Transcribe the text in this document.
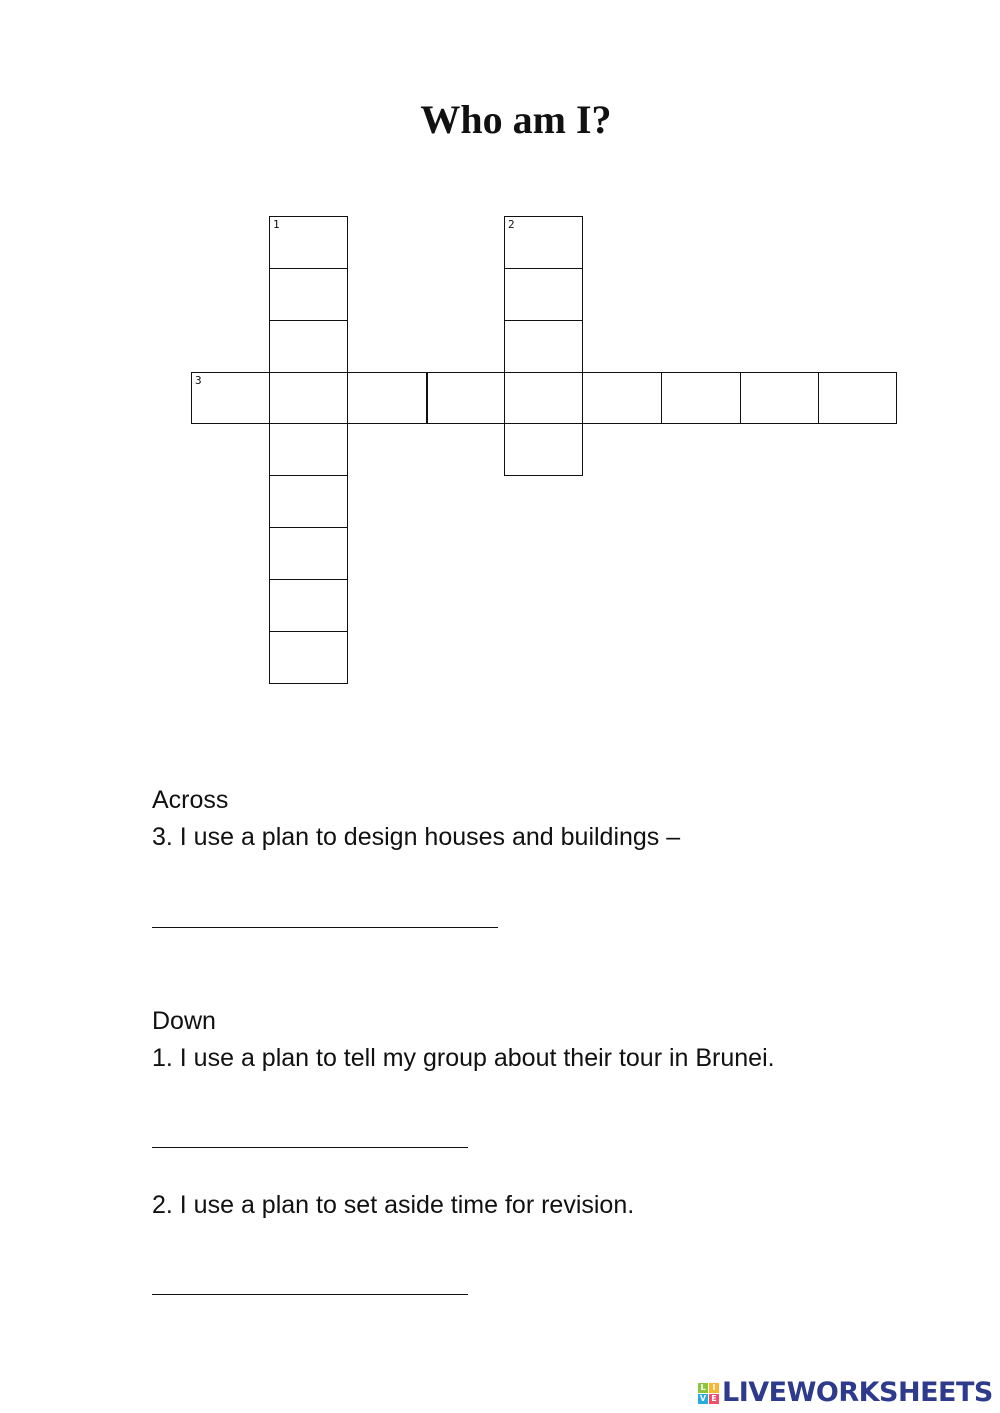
Who am I?
1	2
3

Across

3. I use a plan to design houses and buildings –

Down

1. I use a plan to tell my group about their tour in Brunei.

2. I use a plan to set aside time for revision.

L I
V E LIVEWORKSHEETS
